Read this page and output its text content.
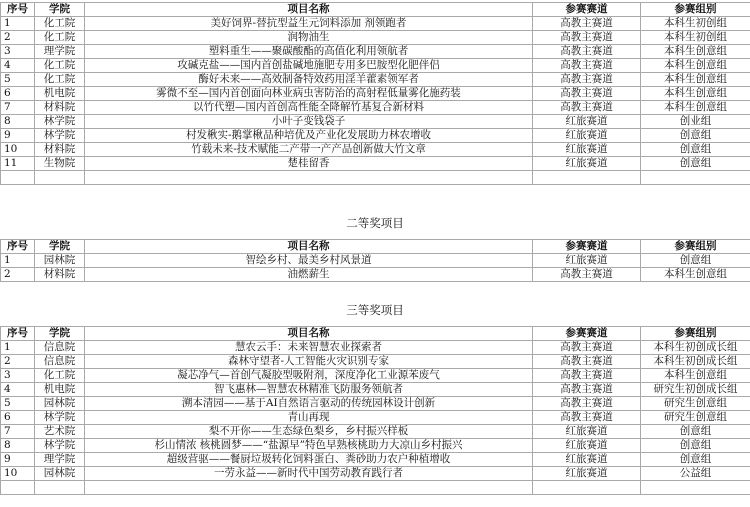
序号	学院	项目名称	参赛赛道	参赛组别
1	化工院	美好饲界-替抗型益生元饲料添加 剂领跑者	高教主赛道	本科生初创组
2	化工院	润物油生	高教主赛道	本科生初创组
3	理学院	塑料重生——聚碳酸酯的高值化利用领航者	高教主赛道	本科生创意组
4	化工院	攻碱克盐——国内首创盐碱地施肥专用多巴胺型化肥伴侣	高教主赛道	本科生创意组
5	化工院	酶好未来——高效制备特效药用淫羊藿素领军者	高教主赛道	本科生创意组
6	机电院	雾微不至—国内首创面向林业病虫害防治的高射程低量雾化施药装	高教主赛道	本科生创意组
7	材料院	以竹代塑—国内首创高性能全降解竹基复合新材料	高教主赛道	本科生创意组
8	林学院	小叶子变钱袋子	红旅赛道	创业组
9	林学院	村发楸实-鹅掌楸品种培优及产业化发展助力林农增收	红旅赛道	创意组
10	材料院	竹载未来-技术赋能二产带一产产品创新做大竹文章	红旅赛道	创意组
11	生物院	楚桂留香	红旅赛道	创意组

二等奖项目
序号	学院	项目名称	参赛赛道	参赛组别
1	园林院	智绘乡村、最美乡村风景道	红旅赛道	创意组
2	材料院	油燃薪生	高教主赛道	本科生创意组
三等奖项目
序号	学院	项目名称	参赛赛道	参赛组别
1	信息院	慧农云手：未来智慧农业探索者	高教主赛道	本科生初创成长组
2	信息院	森林守望者-人工智能火灾识别专家	高教主赛道	本科生初创成长组
3	化工院	凝芯净气—首创气凝胶型吸附剂，深度净化工业源苯废气	高教主赛道	本科生创意组
4	机电院	智飞惠林—智慧农林精准飞防服务领航者	高教主赛道	研究生初创成长组
5	园林院	溯本清园——基于AI自然语言驱动的传统园林设计创新	高教主赛道	研究生创意组
6	林学院	青山再现	高教主赛道	研究生创意组
7	艺术院	梨不开你——生态绿色梨乡，乡村振兴样板	红旅赛道	创意组
8	林学院	杉山情浓 核桃圆梦——“盐源早”特色早熟核桃助力大凉山乡村振兴	红旅赛道	创意组
9	理学院	超级营驱——餐厨垃圾转化饲料蛋白、粪砂助力农户种植增收	红旅赛道	创意组
10	园林院	一劳永益——新时代中国劳动教育践行者	红旅赛道	公益组
